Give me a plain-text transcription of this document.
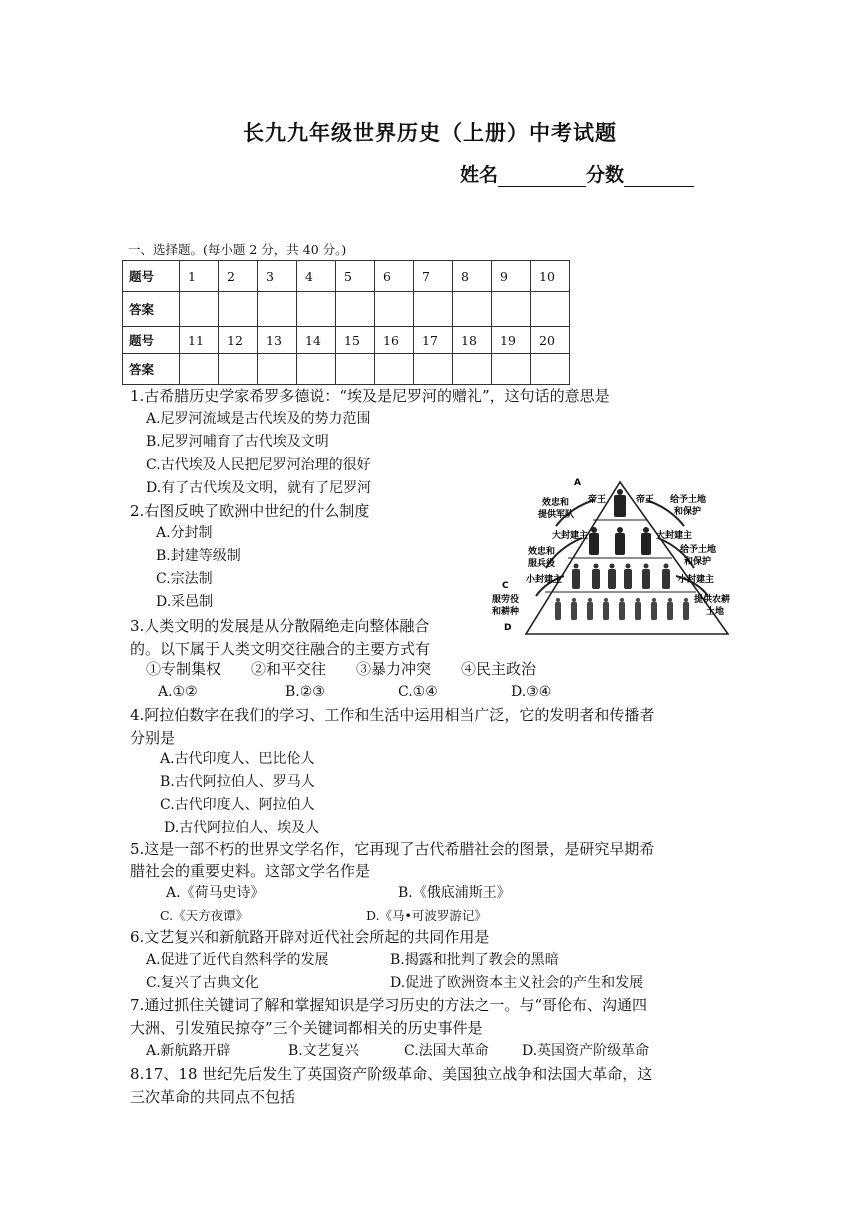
长九九年级世界历史（上册）中考试题
姓名	分数
一、选择题。(每小题 2 分，共 40 分。)
题号	1	2	3	4	5	6	7	8	9	10
答案										
题号	11	12	13	14	15	16	17	18	19	20
答案										
1.古希腊历史学家希罗多德说：“埃及是尼罗河的赠礼”，这句话的意思是
A.尼罗河流域是古代埃及的势力范围
B.尼罗河哺育了古代埃及文明
C.古代埃及人民把尼罗河治理的很好
D.有了古代埃及文明，就有了尼罗河
2.右图反映了欧洲中世纪的什么制度
A.分封制
B.封建等级制
C.宗法制
D.采邑制
A
帝王	帝王
效忠和
提供军队
给予土地
和保护
大封建主	大封建主
效忠和
服兵役
给予土地
和保护
小封建主	小封建主
C
服劳役
和耕种
提供农耕
土地
D
3.人类文明的发展是从分散隔绝走向整体融合
的。以下属于人类文明交往融合的主要方式有
①专制集权　　②和平交往　　③暴力冲突　　④民主政治
A.①②	B.②③	C.①④	D.③④
4.阿拉伯数字在我们的学习、工作和生活中运用相当广泛，它的发明者和传播者
分别是
A.古代印度人、巴比伦人
B.古代阿拉伯人、罗马人
C.古代印度人、阿拉伯人
D.古代阿拉伯人、埃及人
5.这是一部不朽的世界文学名作，它再现了古代希腊社会的图景，是研究早期希
腊社会的重要史料。这部文学名作是
A.《荷马史诗》	B.《俄底浦斯王》
C.《天方夜谭》	D.《马•可波罗游记》
6.文艺复兴和新航路开辟对近代社会所起的共同作用是
A.促进了近代自然科学的发展	B.揭露和批判了教会的黑暗
C.复兴了古典文化	D.促进了欧洲资本主义社会的产生和发展
7.通过抓住关键词了解和掌握知识是学习历史的方法之一。与“哥伦布、沟通四
大洲、引发殖民掠夺”三个关键词都相关的历史事件是
A.新航路开辟	B.文艺复兴	C.法国大革命 D.英国资产阶级革命
8.17、18 世纪先后发生了英国资产阶级革命、美国独立战争和法国大革命，这
三次革命的共同点不包括
